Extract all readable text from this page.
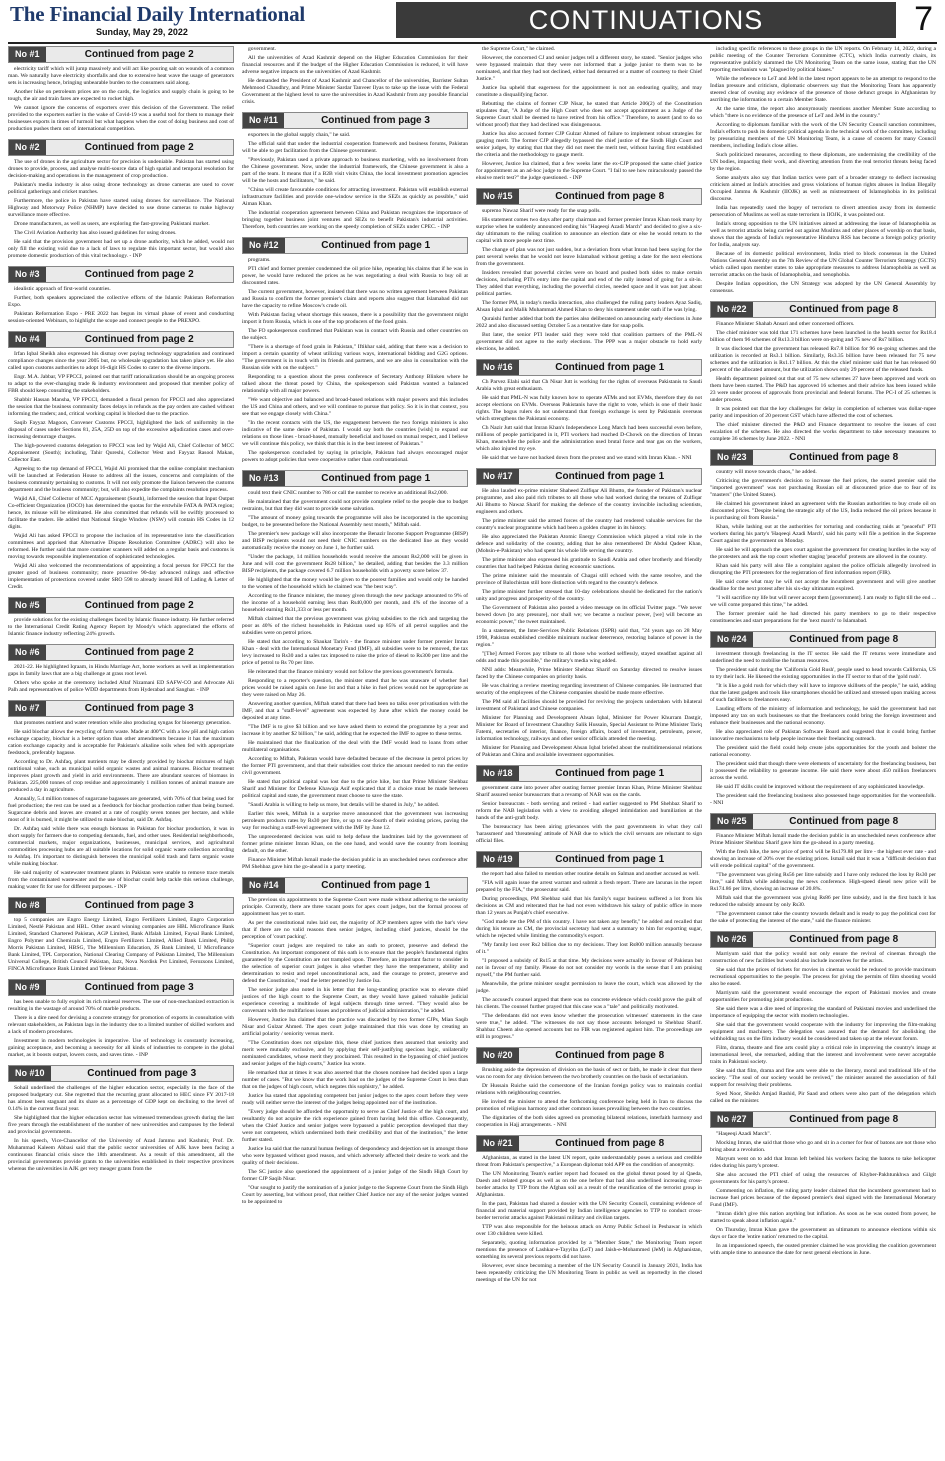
The Financial Daily International
Sunday, May 29, 2022	CONTINUATIONS	7
No #1	Continued from page 2

electricity tariff which will jump massively and will act like pouring salt on wounds of a common man. We naturally have electricity shortfalls and due to extensive heat wave the usage of generators sets is increasing hence, bringing unbearable burden to the consumers said along.

Another hike on petroleum prices are on the cards, the logistics and supply chain is going to be tough, the air and train fares are expected to rocket high.

We cannot ignore the concerns of exporters over this decision of the Government. The relief provided to the exporters earlier in the wake of Covid-19 was a useful tool for them to manage their businesses exports in times of turmoil but what happens when the cost of doing business and cost of production pushes them out of international competition.

No #2	Continued from page 2

The use of drones in the agriculture sector for precision is undeniable. Pakistan has started using drones to provide, process, and analyse multi-source data of high spatial and temporal resolution for decision-making and operations in the management of crop production.

Pakistan's media industry is also using drone technology as drone cameras are used to cover political gatherings and cricket matches.

Furthermore, the police in Pakistan have started using drones for surveillance. The National Highway and Motorway Police (NHMP) have decided to use drone cameras to make highway surveillance more effective.

Drone manufacturers, as well as users, are exploring the fast-growing Pakistani market.

The Civil Aviation Authority has also issued guidelines for using drones.

He said that the provision government had set up a drone authority, which he added, would not only fill the existing void due to a lack of laws to regulate this important sector, but would also promote domestic production of this vital technology. - INP

No #3	Continued from page 2

idealistic approach of first-world countries.

Further, both speakers appreciated the collective efforts of the Islamic Pakistan Reformation Expo.

Pakistan Reformation Expo - PRE 2022 has begun its virtual phase of event and conducting session-oriented Webinars, to highlight the scope and connect people to the PREXPO.

No #4	Continued from page 2

Irfan Iqbal Sheikh also expressed his dismay over paying technology upgradation and continued compliance changes since the year 2005 but, no wholesale upgradation has taken place yet. He also called upon customs authorities to adopt 16-digit HS Codes to cater to the diverse imports.

Engr. M.A. Jabbar, VP FPCCI, pointed out that tariff rationalization should be an ongoing process to adapt to the ever-changing trade & industry environment and proposed that member policy of FBR should keep consulting the stakeholders.

Shabbir Hassan Mansha, VP FPCCI, demanded a fiscal person for FPCCI and also appreciated the session that the business community faces delays in refunds as the pay orders are cashed without informing the traders; and, critical working capital is blocked due to the practice.

Saqib Fayyaz Magoon, Convener Customs FPCCI, highlighted the lack of uniformity in the disposal of cases under Sections 81, 25A, 25D on top of the excessive adjudication cases and over-increasing demurrage charges.

The high-powered customs delegation to FPCCI was led by Wajid Ali, Chief Collector of MCC Appraisement (South); including, Tahir Qureshi, Collector West and Fayyaz Rasool Makan, Collector East.

Agreeing to the top demand of FPCCI, Wajid Ali promised that the online complaint mechanism will be launched at Federation House to address all the issues, concerns and complaints of the business community pertaining to customs. It will not only promote the liaison between the customs department and the business community; but, will also expedite the complaints resolution process.

Wajid Ali, Chief Collector of MCC Appraisement (South), informed the session that Input Output Co-efficient Organization (IOCO) has determined the quotas for the erstwhile FATA & PATA region; hence, its misuse will be eliminated. He also committed that refunds will be swiftly processed to facilitate the traders. He added that National Single Window (NSW) will contain HS Codes in 12 digits.

Wajid Ali has asked FPCCI to propose the inclusion of its representative into the classification committees and apprised that Alternative Dispute Resolution Committee (ADRC) will also be reformed. He further said that more container scanners will added on a regular basis and customs is moving towards responsible implementation of sophisticated technologies.

Wajid Ali also welcomed the recommendations of appointing a focal person for FPCCI for the greater good of business community; more proactive 90-day advanced rulings and effective implementation of protections covered under SRO 598 to already issued Bill of Lading & Letter of Credit.

No #5	Continued from page 2

provide solutions for the existing challenges faced by Islamic finance industry. He further referred to the International Credit Rating Agency Report by Moody's which appreciated the efforts of Islamic finance industry reflecting 24% growth.

No #6	Continued from page 2

2021-22. He highlighted Iqraam, in Hindu Marriage Act, home workers as well as implementation gaps in family laws that are a big challenge at grass root level.

Others who spoke at the ceremony included Altaf Nizamani ED SAFW-CO and Advocate Ali Palh and representatives of police WDD departments from Hyderabad and Sanghar. - INP

No #7	Continued from page 3

that promotes nutrient and water retention while also producing syngas for bioenergy generation.

He said biochar allows the recycling of farm waste. Made at 400°C with a low pH and high cation exchange capacity, biochar is a better option than other amendments because it has the maximum cation exchange capacity and is acceptable for Pakistan's alkaline soils when fed with appropriate feedstock, preferably bagasse.

According to Dr. Ashfaq, plant nutrients may be directly provided by biochar mixtures of high nutritional value, such as municipal solid organic wastes and animal manures. Biochar treatment improves plant growth and yield in arid environments. There are abundant sources of biomass in Pakistan. 225,000 tonnes of crop residue and approximately 1 million tonnes of animal manure are produced a day in agriculture.

Annually, 5.4 million tonnes of sugarcane bagasses are generated, with 70% of that being used for fuel production; the rest can be used as a feedstock for biochar production rather than being burned. Sugarcane debris and leaves are created at a rate of roughly seven tonnes per hectare, and while most of it is burned, it might be utilized to make biochar, said Dr. Ashfaq.

Dr. Ashfaq said while there was enough biomass in Pakistan for biochar production, it was in short supply for farmers due to competing demands, fuel, and other uses. Residential neighborhoods, commercial markets, major organizations, businesses, municipal services, and agricultural commodities processing hubs are all suitable locations for solid organic waste collection according to Ashfaq. It's important to distinguish between the municipal solid trash and farm organic waste while making biochar.

He said majority of wastewater treatment plants in Pakistan were unable to remove trace metals from the contaminated wastewater and the use of biochar could help tackle this serious challenge, making water fit for use for different purposes. - INP

No #8	Continued from page 3

top 5 companies are Engro Energy Limited, Engro Fertilizers Limited, Engro Corporation Limited, Nestlé Pakistan and HBL. Other award winning companies are HBL Microfinance Bank Limited, Standard Chartered Pakistan, AGP Limited, Bank Alfalah Limited, Faysal Bank Limited, Engro Polymer and Chemicals Limited, Engro Fertilizers Limited, Allied Bank Limited, Philip Morris Pakistan Limited, HBSG, The Millennium Education, JS Bank Limited, U Microfinance Bank Limited, TPL Corporation, National Clearing Company of Pakistan Limited, The Millennium Universal College, British Council Pakistan, Jazz, Nova Nordisk Pvt Limited, Ferozsons Limited, FINCA Microfinance Bank Limited and Telenor Pakistan.

No #9	Continued from page 3

has been unable to fully exploit its rich mineral reserves. The use of non-mechanized extraction is resulting in the wastage of around 70% of marble products.

There is a dire need for devising a concrete strategy for promotion of exports in consultation with relevant stakeholders, as Pakistan lags in the industry due to a limited number of skilled workers and a lack of modern procedures.

Investment in modern technologies is imperative. Use of technology is constantly increasing, gaining acceptance, and becoming a necessity for all kinds of industries to compete in the global market, as it boosts output, lowers costs, and saves time. - INP

No #10	Continued from page 3

Sohail underlined the challenges of the higher education sector, especially in the face of the proposed budgetary cut. She regretted that the recurring grant allocated to HEC since FY 2017-18 has almost been stagnant and its share as a percentage of GDP kept on declining to the level of 0.14% in the current fiscal year.

She highlighted that the higher education sector has witnessed tremendous growth during the last five years through the establishment of the number of new universities and campuses by the federal and provincial governments.

In his speech, Vice-Chancellor of the University of Azad Jammu and Kashmir, Prof. Dr. Muhammad Kaleem Abbasi said that the public sector universities of AJK have been facing a continuous financial crisis since the 18th amendment. As a result of this amendment, all the provincial governments provide grants to the universities established in their respective provinces whereas the universities in AJK get very meager grants from the

government.

All the universities of Azad Kashmir depend on the Higher Education Commission for their financial resources and if the budget of the Higher Education Commission is reduced, it will have adverse negative impacts on the universities of Azad Kashmir.

He demanded the President of Azad Kashmir and Chancellor of the universities, Barrister Sultan Mehmood Chaudhry, and Prime Minister Sardar Tanveer Ilyas to take up the issue with the Federal Government at the highest level to save the universities in Azad Kashmir from any possible financial crisis.

No #11	Continued from page 3

exporters in the global supply chain," he said.

The official said that under the industrial cooperation framework and business forums, Pakistan will be able to get facilitation from the Chinese government.

"Previously, Pakistan used a private approach to business marketing, with no involvement from the Chinese government. Now, under the industrial framework, the Chinese government is also a part of the team. It means that if a B2B visit visits China, the local investment promotion agencies will be the hosts and facilitators," he said.

"China will create favourable conditions for attracting investment. Pakistan will establish external infrastructure facilities and provide one-window service in the SEZs as quickly as possible," said Aiman Khan.

The industrial cooperation agreement between China and Pakistan recognizes the importance of bringing together business joint ventures and SEZs to benefit Pakistan's industrial activities. Therefore, both countries are working on the speedy completion of SEZs under CPEC. - INP

No #12	Continued from page 1

programs.

PTI chief and former premier condemned the oil price hike, repeating his claims that if he was in power, he would have reduced the prices as he was negotiating a deal with Russia to buy oil at discounted rates.

The current government, however, insisted that there was no written agreement between Pakistan and Russia to confirm the former premier's claim and reports also suggest that Islamabad did not have the capacity to refine Moscow's crude oil.

With Pakistan facing wheat shortage this season, there is a possibility that the government might import it from Russia, which is one of the top producers of the food grain.

The FO spokesperson confirmed that Pakistan was in contact with Russia and other countries on the subject.

"There is a shortage of food grain in Pakistan," Iftikhar said, adding that there was a decision to import a certain quantity of wheat utilizing various ways, international bidding and G2G options. "The government is in touch with its friends and partners, and we are also in consultation with the Russian side with on the subject."

Responding to a question about the press conference of Secretary Anthony Blinken where he talked about the threat posed by China, the spokesperson said Pakistan wanted a balanced relationship with all major powers.

"We want objective and balanced and broad-based relations with major powers and this includes the US and China and others, and we will continue to pursue that policy. So it is in that context, you see that we engage closely with China."

"In the recent contacts with the US, the engagement between the two foreign ministers is also indicative of the same desire of Pakistan. I would say both the countries [wish] to expand our relations on those lines - broad-based, mutually beneficial and based on mutual respect, and I believe we will continue this policy, we think that this is in the best interest of Pakistan."

The spokesperson concluded by saying in principle, Pakistan had always encouraged major powers to adopt policies that were cooperative rather than confrontational.

No #13	Continued from page 1

could text their CNIC number to 786 or call the number to receive an additional Rs2,000.

He maintained that the government could not provide complete relief to the people due to budget restraints, but that they did want to provide some salvation.

"The amount of money going towards the programme will also be incorporated in the upcoming budget, to be presented before the National Assembly next month," Miftah said.

The premier's new package will also incorporate the Benazir Income Support Programme (BISP) and BISP recipients would not need their CNIC numbers on the dedicated line as they would automatically receive the money on June 1, he further said.

"Under the package, 14 million households would receive the amount Rs2,000 will be given in June and will cost the government Rs28 billion," he detailed, adding that besides the 3.3 million BISP recipients, the package covered 6.7 million households with a poverty score below 37.

He highlighted that the money would be given to the poorest families and would only be handed to the women of the household which he claimed was "the best way".

According to the finance minister, the money given through the new package amounted to 9% of the income of a household earning less than Rs40,000 per month, and 4% of the income of a household earning Rs31,333 or less per month.

Miftah claimed that the previous government was giving subsidies to the rich and targeting the poor as 40% of the richest households in Pakistan used up 85% of all petrol supplies and the subsidies were on petrol prices.

He stated that according to Shaukat Tarin's - the finance minister under former premier Imran Khan - deal with the International Monetary Fund (IMF), all subsidies were to be removed, the tax levy increased to Rs30 and a sales tax imposed to raise the price of diesel to Rs300 per litre and the price of petrol to Rs 70 per litre.

He reiterated that the finance ministry would not follow the previous government's formula.

Responding to a reporter's question, the minister stated that he was unaware of whether fuel prices would be raised again on June 1st and that a hike in fuel prices would not be appropriate as they were raised on May 26.

Answering another question, Miftah stated that there had been no talks over privatisation with the IMF, and that a "staff-level" agreement was expected by June after which the money could be deposited at any time.

"The IMF is to give $3 billion and we have asked them to extend the programme by a year and increase it by another $2 billion," he said, adding that he expected the IMF to agree to these terms.

He maintained that the finalization of the deal with the IMF would lead to loans from other multilateral organisations.

According to Miftah, Pakistan would have defaulted because of the decrease in petrol prices by the former PTI government, and that their subsidies cost thrice the amount needed to run the entire civil government.

He stated that political capital was lost due to the price hike, but that Prime Minister Shehbaz Sharif and Minister for Defense Khawaja Asif explicated that if a choice must be made between political capital and state, the government must choose to save the state.

"Saudi Arabia is willing to help us more, but details will be shared in July," he added.

Earlier this week, Miftah in a surprise move announced that the government was increasing petroleum products rates by Rs30 per litre, or up to one-fourth of their existing prices, paving the way for reaching a staff-level agreement with the IMF by June 12.

The unprecedented decision was said to help defuse the landmines laid by the government of former prime minister Imran Khan, on the one hand, and would save the country from looming default, on the other.

Finance Minister Miftah Ismail made the decision public in an unscheduled news conference after PM Shehbaz gave him the go-ahead in a party meeting.

No #14	Continued from page 1

The previous six appointments to the Supreme Court were made without adhering to the seniority principle. Currently, there are three vacant posts for apex court judges, but the formal process of appointment has yet to start.

As per the constitutional rules laid out, the majority of JCP members agree with the bar's view that if there are no valid reasons then senior judges, including chief justices, should be the perception of 'court packing'.

"Superior court judges are required to take an oath to protect, preserve and defend the Constitution. An important component of this oath is to ensure that the people's fundamental rights guaranteed by the Constitution are not trampled upon. Therefore, an important factor to consider in the selection of superior court judges is also whether they have the temperament, ability and determination to resist and repel unconstitutional acts, and the courage to protect, preserve and defend the Constitution," read the letter penned by Justice Isa.

The senior judge also noted in his letter that the long-standing practice was to elevate chief justices of the high court to the Supreme Court, as they would have gained valuable judicial experience covering a multitude of legal subjects through time served. "They would also be conversant with the multifarious issues and problems of judicial administration," he added.

However, Justice Isa claimed that the practice was discarded by two former CJPs, Mian Saqib Nisar and Gulzar Ahmed. The apex court judge maintained that this was done by creating an artificial polarity / seniority versus merit.

"The Constitution does not stipulate this, these chief justices then assumed that seniority and merit were mutually exclusive, and by applying their self-justifying specious logic, unilaterally nominated candidates, whose merit they proclaimed. This resulted in the bypassing of chief justices and senior judges of the high courts," Justice Isa wrote.

He remarked that at times it was also asserted that the chosen nominee had decided upon a large number of cases. "But we know that the work load on the judges of the Supreme Court is less than that on the judges of high court, which negates this sophistry," he added.

Justice Isa stated that appointing competent but junior judges to the apex court before they were ready will neither serve the interest of the judges being appointed nor of the institution.

"Every judge should be afforded the opportunity to serve as Chief Justice of the high court, and resultantly do not acquire the rich experience gained from having held this office. Consequently, when the Chief Justice and senior judges were bypassed a public perception developed that they were not competent, which undermined both their credibility and that of the institution," the letter further stated.

Justice Isa said that the natural human feelings of despondency and dejection set in amongst those who were bypassed without good reason, and which adversely affected their desire to work and the quality of their decisions.

The SC justice also questioned the appointment of a junior judge of the Sindh High Court by former CJP Saqib Nisar.

"Our sought to justify the nomination of a junior judge to the Supreme Court from the Sindh High Court by asserting, but without proof, that neither Chief Justice nor any of the senior judges wanted to be appointed to

the Supreme Court," he claimed.

However, the concerned CJ and senior judges tell a different story, he stated. "Senior judges who were bypassed maintain that they were not informed that a judge junior to them was to be nominated, and that they had not declined, either had demurred or a matter of courtesy to their Chief Justice."

Justice Isa upheld that eagerness for the appointment is not an endearing quality, and may constitute a disqualifying factor.

Rebutting the claims of former CJP Nisar, he stated that Article 206(2) of the Constitution stipulates that, "A Judge of the High Court who does not accept appointment as a Judge of the Supreme Court shall be deemed to have retired from his office." Therefore, to assert (and to do so without proof) that they had declined was disingenuous.

Justice Isa also accused former CJP Gulzar Ahmed of failure to implement robust strategies for gauging merit. The former CJP allegedly bypassed the chief justice of the Sindh High Court and senior judges, by stating that that they did not meet the merit test, without having first established the criteria and the methodology to gauge merit.

However, Justice Isa claimed, that a few weeks later the ex-CJP proposed the same chief justice for appointment as an ad-hoc judge to the Supreme Court. "I fail to see how miraculously passed the elusive merit test?" the judge questioned. - INP

No #15	Continued from page 8

supremo Nawaz Sharif were ready for the snap polls.

His statement comes two days after party chairman and former premier Imran Khan took many by surprise when he suddenly announced ending his "Haqeeqi Azadi March" and decided to give a six-day ultimatum to the ruling coalition to announce an election date or else he would return to the capital with more people next time.

The change of plan was not just sudden, but a deviation from what Imran had been saying for the past several weeks that he would not leave Islamabad without getting a date for the next elections from the government.

Insiders revealed that powerful circles were on board and pushed both sides to make certain decisions, including PTI's entry into the capital and end of the rally instead of going for a sit-in. They added that everything, including the powerful circles, needed space and it was not just about political parties.

The former PM, in today's media interaction, also challenged the ruling party leaders Ayaz Sadiq, Ahsan Iqbal and Malik Muhammad Ahmed Khan to deny his statement under oath if he was lying.

Quraishi further added that both the parties also deliberated on announcing early elections in June 2022 and also discussed setting October 5 as a tentative date for snap polls.

But later, the senior PTI leader said they were told that coalition partners of the PML-N government did not agree to the early elections. The PPP was a major obstacle to hold early elections, he added.

No #16	Continued from page 1

Ch Parvez Elahi said that Ch Nisar Jutt is working for the rights of overseas Pakistanis to Saudi Arabia with great enthusiasm.

He said that PML-N was fully known how to operate ATMs and not EVMs, therefore they do not accept elections on EVMs. Overseas Pakistanis have the right to vote, which is one of their basic rights. The bogus rulers do not understand that foreign exchange is sent by Pakistanis overseas which strengthens the Pakistani economy.

Ch Nazir Jutt said that Imran Khan's Independence Long March had been successful even before, millions of people participated in it, PTI workers had reached D-Chowk on the direction of Imran Khan, meanwhile the police and the administration used brutal force and tear gas on the workers, which also injured my eye.

He said that we have not backed down from the protest and we stand with Imran Khan. - NNI

No #17	Continued from page 1

He also lauded ex-prime minister Shaheed Zulfiqar Ali Bhutto, the founder of Pakistan's nuclear programme, and also paid rich tributes to all those who had worked during the tenures of Zulfiqar Ali Bhutto to Nawaz Sharif for making the defence of the country invincible including scientists, engineers and others.

The prime minister said the armed forces of the country had rendered valuable services for the country's nuclear programme which had been a golden chapter in its history.

He also appreciated the Pakistan Atomic Energy Commission which played a vital role in the defence and solidarity of the country, adding that he also remembered Dr Abdul Qadeer Khan, (Mohsin-e-Pakistan) who had spent his whole life serving the country.

The prime minister also expressed his gratitude to Saudi Arabia and other brotherly and friendly countries that had helped Pakistan during economic sanctions.

The prime minister said the mountain of Chagai still echoed with the same resolve, and the province of Balochistan still bore distinction with regard to the country's defence.

The prime minister further stressed that 10-day celebrations should be dedicated for the nation's unity and progress and prosperity of the country.

The Government of Pakistan also posted a video message on its official Twitter page. "We never bowed down [to any pressure], nor shall we; we became a nuclear power, [we] will become an economic power," the tweet maintained.

In a statement, the Inter-Services Public Relations (ISPR) said that, "24 years ago on 28 May 1998, Pakistan established credible minimum nuclear deterrence, restoring balance of power in the region."

"[The] Armed Forces pay tribute to all those who worked selflessly, stayed steadfast against all odds and made this possible," the military's media wing added.

NNI adds: Meanwhile, Prime Minister Shehbaz Sharif on Saturday directed to resolve issues faced by the Chinese companies on priority basis.

He was chairing a review meeting regarding investment of Chinese companies. He instructed that security of the employees of the Chinese companies should be made more effective.

The PM said all facilities should be provided for reviving the projects undertaken with bilateral investment of Pakistani and Chinese companies.

Minister for Planning and Development Ahsan Iqbal, Minister for Power Khurram Dastgir, Minister for Board of Investment Chaudhry Salik Hussain, Special Assistant to Prime Minister Tariq Fatemi, secretaries of interior, finance, foreign affairs, board of investment, petroleum, power, information technology, railways and other senior officials attended the meeting.

Minister for Planning and Development Ahsan Iqbal briefed about the multidimensional relations of Pakistan and China and available investment opportunities.

No #18	Continued from page 1

government came into power after ousting former premier Imran Khan, Prime Minister Shehbaz Sharif assured senior bureaucrats that a revamp of NAB was on the cards.

Senior bureaucrats - both serving and retired - had earlier suggested to PM Shehbaz Sharif to reform the NAB legislation with a view to avoiding alleged intimidation and humiliation at the hands of the anti-graft body.

The bureaucracy has been airing grievances with the past governments in what they call 'harassment' and 'threatening' attitude of NAB due to which the civil servants are reluctant to sign official files.

No #19	Continued from page 1

the report had also failed to mention other routine details on Salman and another accused as well.

"FIA will again issue the arrest warrant and submit a fresh report. There are lacunas in the report prepared by the FIA," the prosecutor said.

During proceedings, PM Shehbaz said that his family's sugar business suffered a lot from his decisions as CM and reiterated that he had not even withdrawn his salary of public office in more than 12 years as Punjab's chief executive.

"God made me the PM of this country. I have not taken any benefit," he added and recalled that during his tenure as CM, the provincial secretary had sent a summary to him for exporting sugar, which he rejected while limiting the commodity's export.

"My family lost over Rs2 billion due to my decisions. They lost Rs800 million annually because of it."

"I proposed a subsidy of Rs15 at that time. My decisions were actually in favour of Pakistan but not in favour of my family. Please do not not consider my words in the sense that I am praising myself," the PM further said.

Meanwhile, the prime minister sought permission to leave the court, which was allowed by the judge.

The accused's counsel argued that there was no concrete evidence which could prove the guilt of his clients. The counsel further prayed that this case was a "tale" and politically motivated.

"The defendants did not even know whether the prosecution witnesses' statements in the case were true," he added. "The witnesses do not say those accounts belonged to Shehbaz Sharif. Shahbaz Cheem also opened accounts but no FIR was registered against him. The proceedings are still in progress."

No #20	Continued from page 8

Brushing aside the depression of division on the basis of sect or faith, he made it clear that there was no room for any division between the two brotherly countries on the basis of sectarianism.

Dr Hussain Ruiche said the cornerstone of the Iranian foreign policy was to maintain cordial relations with neighbouring countries.

He invited the minister to attend the forthcoming conference being held in Iran to discuss the promotion of religious harmony and other common issues prevailing between the two countries.

The dignitaries of the both sides agreed on promoting bilateral relations, interfaith harmony and cooperation in Hajj arrangements. - NNI

No #21	Continued from page 8

Afghanistan, as stated in the latest UN report, quite understandably poses a serious and credible threat from Pakistan's perspective," a European diplomat told APP on the condition of anonymity.

The UN Monitoring Team's earlier report had focused on the global threat posed by al Qaeda, Daesh and related groups as well as on the one before that had also underlined increasing cross-border attacks by TTP from the Afghan soil as a result of the reunification of the terrorist group in Afghanistan.

In the past, Pakistan had shared a dossier with the UN Security Council, containing evidence of financial and material support provided by Indian intelligence agencies to TTP to conduct cross-border terrorist attacks against Pakistani military and civilian targets.

TTP was also responsible for the heinous attack on Army Public School in Peshawar in which over 130 children were killed.

Separately, quoting information provided by a "Member State," the Monitoring Team report mentions the presence of Lashkar-e-Tayyiba (LeT) and Jaish-e-Mohammed (JeM) in Afghanistan, something its several previous reports did not have.

However, ever since becoming a member of the UN Security Council in January 2021, India has been repeatedly criticizing the UN Monitoring Team in public as well as reportedly in the closed meetings of the UN for not

including specific references to these groups in the UN reports. On February 14, 2022, during a public meeting of the Counter Terrorism Committee (CTC), which India currently chairs, its representative publicly slammed the UN Monitoring Team on the same issue, stating that the UN reporting mechanism was "plagued by political biases."

While the reference to LeT and JeM in the latest report appears to be an attempt to respond to the Indian pressure and criticism, diplomatic observers say that the Monitoring Team has apparently steered clear of owning any evidence of the presence of those defunct groups in Afghanistan by ascribing the information to a certain Member State.

At the same time, the report also anonymously mentions another Member State according to which "there is no evidence of the presence of LeT and JeM in the country."

According to diplomats familiar with the work of the UN Security Council sanction committees, India's efforts to push its domestic political agenda in the technical work of the committee, including by pressurizing members of the UN Monitoring Team, is a cause of concern for many Council members, including India's close allies.

Such politicized measures, according to these diplomats, are undermining the credibility of the UN bodies, impacting their work, and diverting attention from the real terrorist threats being faced by the region.

Some analysts also say that Indian tactics were part of a broader strategy to deflect increasing criticism aimed at India's atrocities and gross violations of human rights abuses in Indian Illegally Occupied Jammu & Kashmir (IIOJK) as well as mistreatment of Islamophobia in its political discourse.

India has repeatedly used the bogey of terrorism to divert attention away from its domestic persecution of Muslims as well as state terrorism in IIOJK, it was pointed out.

India's strong opposition to the UN initiatives aimed at addressing the issue of Islamophobia as well as terrorist attacks being carried out against Muslims and other places of worship on that basis, shows that the agenda of India's representative Hindutva RSS has become a foreign policy priority for India, analysts say.

Because of its domestic political environment, India tried to block consensus in the United Nations General Assembly on the 7th Review of the UN Global Counter Terrorism Strategy (GCTS) which called upon member states to take appropriate measures to address Islamophobia as well as terrorist attacks on the basis of Islamophobia, and xenophobia.

Despite Indian opposition, the UN Strategy was adopted by the UN General Assembly by consensus.

No #22	Continued from page 8

Finance Minister Shahab Ansari and other concerned officers.

The chief minister was told that 171 schemes have been launched in the health sector for Rs18.4 billion of them 96 schemes of Rs13.3 billion were on-going and 75 new of Rs7 billion.

It was disclosed that the government has released Rs7.8 billion for 96 on-going schemes and the utilization is recorded at Rs3.1 billion. Similarly, Rs3.35 billion have been released for 75 new schemes and the utilization is Rs1.17 billion. At this the chief minister said that he has released 60 percent of the allocated amount, but the utilization shows only 29 percent of the released funds.

Health department pointed out that out of 75 new schemes 27 have been approved and work on them have been started. The P&D has approved 16 schemes and their advice has been issued while 23 were under process of approvals from provincial and federal forums. The PC-I of 25 schemes is under process.

It was pointed out that the key challenges for delay in completion of schemes was dollar-rupee parity and imposition of 20 percent GST which have affected the cost of schemes.

The chief minister directed the P&D and Finance department to resolve the issues of cost escalation of the schemes. He also directed the works department to take necessary measures to complete 36 schemes by June 2022. - NNI

No #23	Continued from page 8

country will move towards chaos," he added.

Criticising the government's decision to increase the fuel prices, the ousted premier said the "imported government" was not purchasing Russian oil at discounted price due to fear of its "masters" (the United States).

He claimed his government inked an agreement with the Russian authorities to buy crude oil on discounted prices. "Despite being the strategic ally of the US, India reduced the oil prices because it is purchasing oil from Russia."

Khan, while lashing out at the authorities for torturing and conducting raids at "peaceful" PTI workers during his party's 'Haqeeqi Azadi March', said his party will file a petition in the Supreme Court against the government on Monday.

He said he will approach the apex court against the government for creating hurdles in the way of the protesters and ask the top court whether staging 'peaceful' protests are allowed in the country.

Khan said his party will also file a complaint against the police officials allegedly involved in disrupting the PTI protesters for the registration of first information report (FIR).

He said come what may he will not accept the incumbent government and will give another deadline for the next protest after his six-day ultimatum expired.

"I will sacrifice my life but will never accept them [government]. I am ready to fight till the end ... we will come prepared this time," he added.

The former premier said he had directed his party members to go to their respective constituencies and start preparations for the 'next march' to Islamabad.

No #24	Continued from page 8

investment through freelancing in the IT sector. He said the IT returns were immediate and underlined the need to mobilise the human resources.

The president said during the 'California Gold Rush', people used to head towards California, US to try their luck. He likened the existing opportunities in the IT sector to that of the 'gold rush'.

"It is like a gold rush for which they will have to improve skillsets of the people," he said, adding that the latest gadgets and tools like smartphones should be utilized and stressed upon making access of such facilities to freelancers easy.

Lauding efforts of the ministry of information and technology, he said the government had not imposed any tax on such businesses so that the freelancers could bring the foreign investment and enhance their businesses and the national economy.

He also appreciated role of Pakistan Software Board and suggested that it could bring further innovative mechanisms to help people increase their freelancing outreach.

The president said the field could help create jobs opportunities for the youth and bolster the national economy.

The president said that though there were elements of uncertainty for the freelancing business, but it possessed the reliability to generate income. He said there were about 450 million freelancers across the world.

He said IT skills could be improved without the requirement of any sophisticated knowledge.

The president said the freelancing business also possessed huge opportunities for the womenfolk. - NNI

No #25	Continued from page 8

Finance Minister Miftah Ismail made the decision public in an unscheduled news conference after Prime Minister Shehbaz Sharif gave him the go-ahead in a party meeting.

With the fresh hike, the new price of petrol will be Rs179.88 per litre - the highest ever rate - and showing an increase of 20% over the existing prices. Ismail said that it was a "difficult decision that will erode political capital" of the government.

"The government was giving Rs56 per litre subsidy and I have only reduced the loss by Rs30 per litre," said Miftah while addressing the news conference. High-speed diesel new price will be Rs174.86 per litre, showing an increase of 20.8%.

Miftah said that the government was giving Rs86 per litre subsidy, and in the first batch it has reduced the subsidy amount by only Rs30.

"The government cannot take the country towards default and is ready to pay the political cost for the sake of protecting the interest of the state," said the finance minister.

No #26	Continued from page 8

Marriyum said that the policy would not only ensure the revival of cinemas through the construction of new facilities but would also include incentives for the artists.

She said that the prices of tickets for movies in cinemas would be reduced to provide maximum recreational opportunities to the people. The process for giving the permits of film shooting would also be eased.

Marriyum said the government would encourage the export of Pakistani movies and create opportunities for promoting joint productions.

She said there was a dire need of improving the standard of Pakistani movies and underlined the importance of equipping the sector with modern technologies.

She said that the government would cooperate with the industry for improving the film-making equipment and machinery. The delegation was assured that the demand for abolishing the withholding tax on the film industry would be considered and taken up at the relevant forum.

Film, drama, theatre and fine arts could play a critical role in improving the country's image at international level, she remarked, adding that the interest and involvement were never acceptable traits in Pakistani society.

She said that film, drama and fine arts were able to the literary, moral and traditional life of the society. "The soul of our society would be revived," the minister assured the association of full support for resolving their problems.

Syed Noor, Sheikh Amjad Rashid, Pir Saad and others were also part of the delegation which called on the minister.

No #27	Continued from page 8

"Haqeeqi Azadi March".

Mocking Imran, she said that those who go and sit in a corner for fear of batons are not those who bring about a revolution.

Maryum went on to add that Imran left behind his workers facing the batons to take helicopter rides during his party's protest.

She also accused the PTI chief of using the resources of Khyber-Pakhtunkhwa and Gilgit governments for his party's protest.

Commenting on inflation, the ruling party leader claimed that the incumbent government had to increase fuel prices because of the deposed premier's deal signed with the International Monetary Fund (IMF).

"Imran didn't give this nation anything but inflation. As soon as he was ousted from power, he started to speak about inflation again."

On Thursday, Imran Khan gave the government an ultimatum to announce elections within six days or face the 'entire nation' returned to the capital.

In an impassioned speech, the ousted premier claimed he was providing the coalition government with ample time to announce the date for next general elections in June.
